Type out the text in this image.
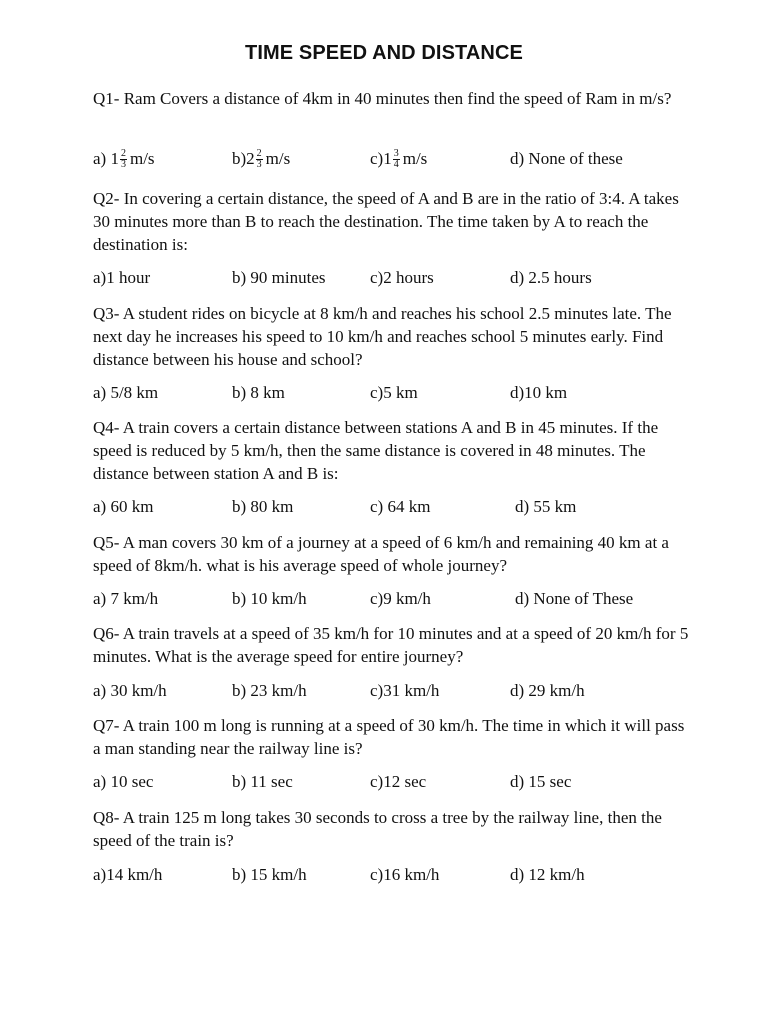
TIME SPEED AND DISTANCE
Q1- Ram Covers a distance of 4km in 40 minutes then find the speed of Ram in m/s?
a) $1 \frac{2}{3} m/s$	$b)2 \frac{2}{3} m/s$	$c)1 \frac{3}{4} m/s$	d) None of these
Q2- In covering a certain distance, the speed of A and B are in the ratio of 3:4. A takes 30 minutes more than B to reach the destination. The time taken by A to reach the destination is:
a)1 hour	b) 90 minutes	c)2 hours	d) 2.5 hours
Q3- A student rides on bicycle at 8 km/h and reaches his school 2.5 minutes late. The next day he increases his speed to 10 km/h and reaches school 5 minutes early. Find distance between his house and school?
a) 5/8 km	b) 8 km	c)5 km	d)10 km
Q4- A train covers a certain distance between stations A and B in 45 minutes. If the speed is reduced by 5 km/h, then the same distance is covered in 48 minutes. The distance between station A and B is:
a) 60 km	b) 80 km	c) 64 km	d) 55 km
Q5- A man covers 30 km of a journey at a speed of 6 km/h and remaining 40 km at a speed of 8km/h. what is his average speed of whole journey?
a) 7 km/h	b) 10 km/h	c)9 km/h	d) None of These
Q6- A train travels at a speed of 35 km/h for 10 minutes and at a speed of 20 km/h for 5 minutes. What is the average speed for entire journey?
a) 30 km/h	b) 23 km/h	c)31 km/h	d) 29 km/h
Q7- A train 100 m long is running at a speed of 30 km/h. The time in which it will pass a man standing near the railway line is?
a) 10 sec	b) 11 sec	c)12 sec	d) 15 sec
Q8- A train 125 m long takes 30 seconds to cross a tree by the railway line, then the speed of the train is?
a)14 km/h	b) 15 km/h	c)16 km/h	d) 12 km/h
